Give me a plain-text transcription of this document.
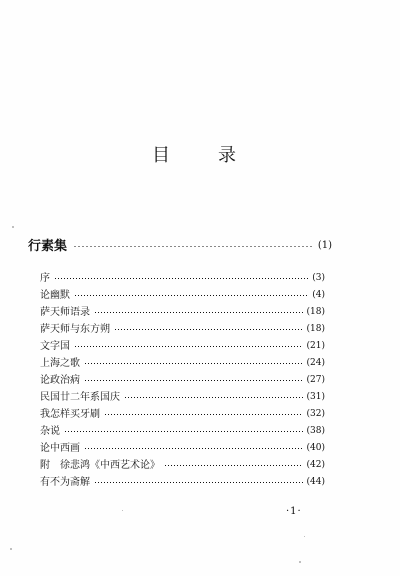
目	录
行素集	(1)
序	(3)
论幽默	(4)
萨天师语录	(18)
萨天师与东方朔	(18)
文字国	(21)
上海之歌	(24)
论政治病	(27)
民国廿二年系国庆	(31)
我怎样买牙刷	(32)
杂说	(38)
论中西画	(40)
附　徐悲鸿《中西艺术论》	(42)
有不为斋解	(44)
·1·
